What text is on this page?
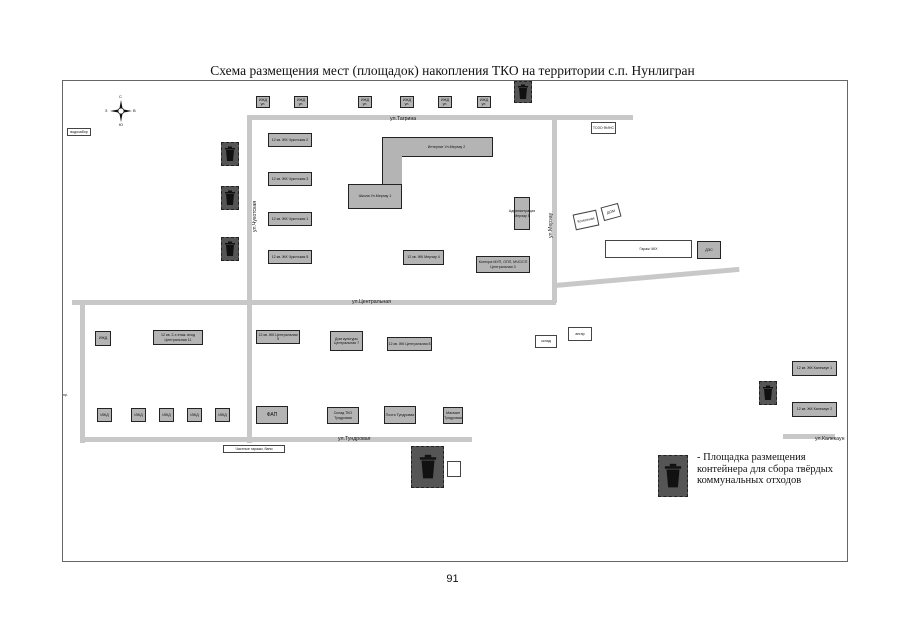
Схема размещения мест (площадок) накопления ТКО на территории с.п. Нунлигран
ул.Тагрина
ул.Чукотская	ул.Мерэау
ул.Центральная
ул.Тундровая	ул.Калекаун
С
Ю
З	В
водозабор
ТОЗО ФИНС
пр.
ИЖД ул.
ИЖД ул.
ИЖД ул.
ИЖД ул.
ИЖД ул.
ИЖД ул.
12 кв. ЖК Чукотская 2
12 кв. ЖК Чукотская 3
12 кв. ЖК Чукотская 1
12 кв. ЖК Чукотская 5
Интернат Ул.Мерэау 2
Школа Ул.Мерэау 1
Администрация Мерэау 5
12 кв. ЖК Мерэау 4
Контора МУП, ОПП, МЧС/СП Центральная 3
Котельная
ДОМ
Гараж ЧКХ	ДЭС
склад
ангар
12 кв. ЖК Калекаун 1
12 кв. ЖК Калекаун 2
ИЖД
12 кв. 2-х этаж. вход Центральная 11
12 кв. ЖК Центральная 9	Дом культуры Центральная 7	12 кв. ЖК Центральная 8
ИЖД	ИЖД	ИЖД	ИЖД	ИЖД	ФАП	Склад ТКО Тундровая
Почта Тундровая	Магазин Тундровая
Частные гаражи, бани
- Площадка размещения контейнера для сбора твёрдых коммунальных отходов
91
